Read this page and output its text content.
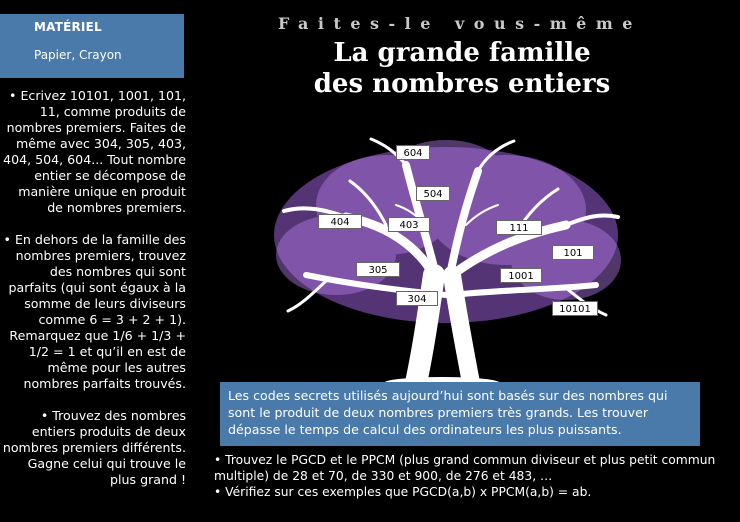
MATÉRIEL
Papier, Crayon

• Ecrivez 10101, 1001, 101, 11, comme produits de nombres premiers. Faites de même avec 304, 305, 403, 404, 504, 604... Tout nombre entier se décompose de manière unique en produit de nombres premiers.

• En dehors de la famille des nombres premiers, trouvez des nombres qui sont parfaits (qui sont égaux à la somme de leurs diviseurs comme 6 = 3 + 2 + 1). Remarquez que 1/6 + 1/3 + 1/2 = 1 et qu’il en est de même pour les autres nombres parfaits trouvés.

• Trouvez des nombres entiers produits de deux nombres premiers différents. Gagne celui qui trouve le plus grand !

Faites-le vous-même
La grande famille
des nombres entiers
604
504
404	403	111
101
305
1001
304
10101
Les codes secrets utilisés aujourd’hui sont basés sur des nombres qui sont le produit de deux nombres premiers très grands. Les trouver dépasse le temps de calcul des ordinateurs les plus puissants.

• Trouvez le PGCD et le PPCM (plus grand commun diviseur et plus petit commun multiple) de 28 et 70, de 330 et 900, de 276 et 483, …

• Vérifiez sur ces exemples que PGCD(a,b) x PPCM(a,b) = ab.
